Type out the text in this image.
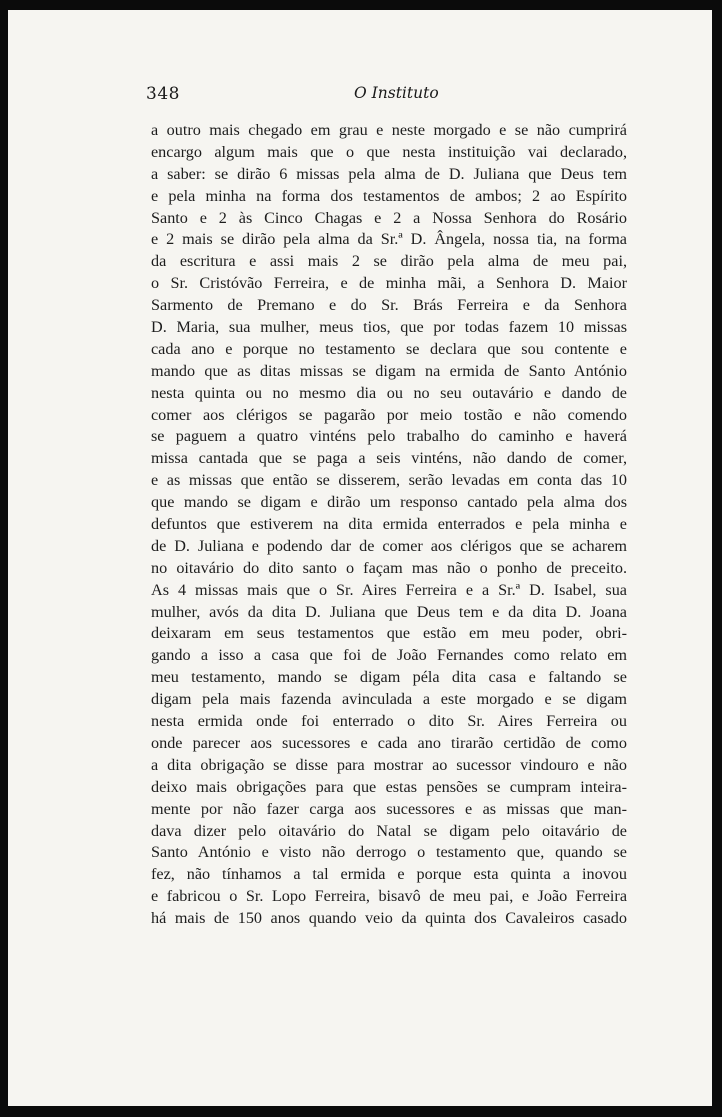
348	O Instituto
a outro mais chegado em grau e neste morgado e se não cumprirá
encargo algum mais que o que nesta instituição vai declarado,
a saber: se dirão 6 missas pela alma de D. Juliana que Deus tem
e pela minha na forma dos testamentos de ambos; 2 ao Espírito
Santo e 2 às Cinco Chagas e 2 a Nossa Senhora do Rosário
e 2 mais se dirão pela alma da Sr.ª D. Ângela, nossa tia, na forma
da escritura e assi mais 2 se dirão pela alma de meu pai,
o Sr. Cristóvão Ferreira, e de minha mãi, a Senhora D. Maior
Sarmento de Premano e do Sr. Brás Ferreira e da Senhora
D. Maria, sua mulher, meus tios, que por todas fazem 10 missas
cada ano e porque no testamento se declara que sou contente e
mando que as ditas missas se digam na ermida de Santo António
nesta quinta ou no mesmo dia ou no seu outavário e dando de
comer aos clérigos se pagarão por meio tostão e não comendo
se paguem a quatro vinténs pelo trabalho do caminho e haverá
missa cantada que se paga a seis vinténs, não dando de comer,
e as missas que então se disserem, serão levadas em conta das 10
que mando se digam e dirão um responso cantado pela alma dos
defuntos que estiverem na dita ermida enterrados e pela minha e
de D. Juliana e podendo dar de comer aos clérigos que se acharem
no oitavário do dito santo o façam mas não o ponho de preceito.
As 4 missas mais que o Sr. Aires Ferreira e a Sr.ª D. Isabel, sua
mulher, avós da dita D. Juliana que Deus tem e da dita D. Joana
deixaram em seus testamentos que estão em meu poder, obri-
gando a isso a casa que foi de João Fernandes como relato em
meu testamento, mando se digam péla dita casa e faltando se
digam pela mais fazenda avinculada a este morgado e se digam
nesta ermida onde foi enterrado o dito Sr. Aires Ferreira ou
onde parecer aos sucessores e cada ano tirarão certidão de como
a dita obrigação se disse para mostrar ao sucessor vindouro e não
deixo mais obrigações para que estas pensões se cumpram inteira-
mente por não fazer carga aos sucessores e as missas que man-
dava dizer pelo oitavário do Natal se digam pelo oitavário de
Santo António e visto não derrogo o testamento que, quando se
fez, não tínhamos a tal ermida e porque esta quinta a inovou
e fabricou o Sr. Lopo Ferreira, bisavô de meu pai, e João Ferreira
há mais de 150 anos quando veio da quinta dos Cavaleiros casado
